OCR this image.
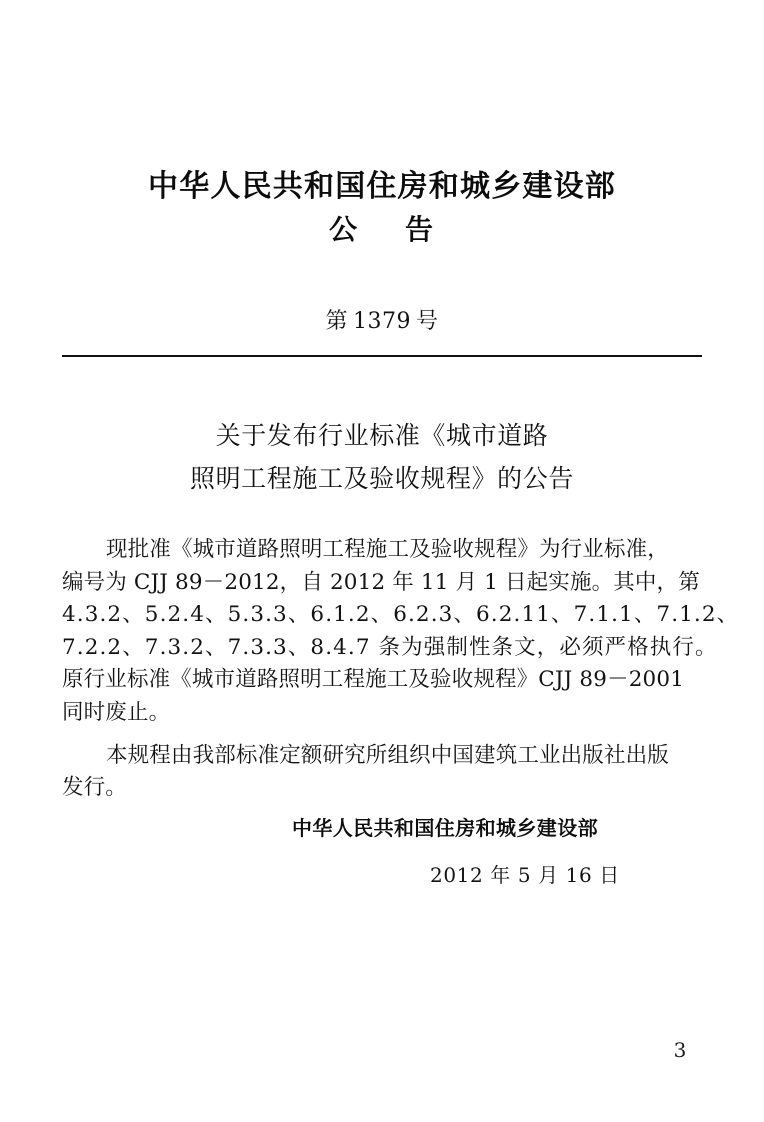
中华人民共和国住房和城乡建设部
公 告
第 1379 号
关于发布行业标准《城市道路
照明工程施工及验收规程》的公告
现批准《城市道路照明工程施工及验收规程》为行业标准，
编号为 CJJ 89－2012，自 2012 年 11 月 1 日起实施。其中，第
4.3.2、5.2.4、5.3.3、6.1.2、6.2.3、6.2.11、7.1.1、7.1.2、
7.2.2、7.3.2、7.3.3、8.4.7 条为强制性条文，必须严格执行。
原行业标准《城市道路照明工程施工及验收规程》CJJ 89－2001
同时废止。
本规程由我部标准定额研究所组织中国建筑工业出版社出版
发行。
中华人民共和国住房和城乡建设部
2012 年 5 月 16 日
3
